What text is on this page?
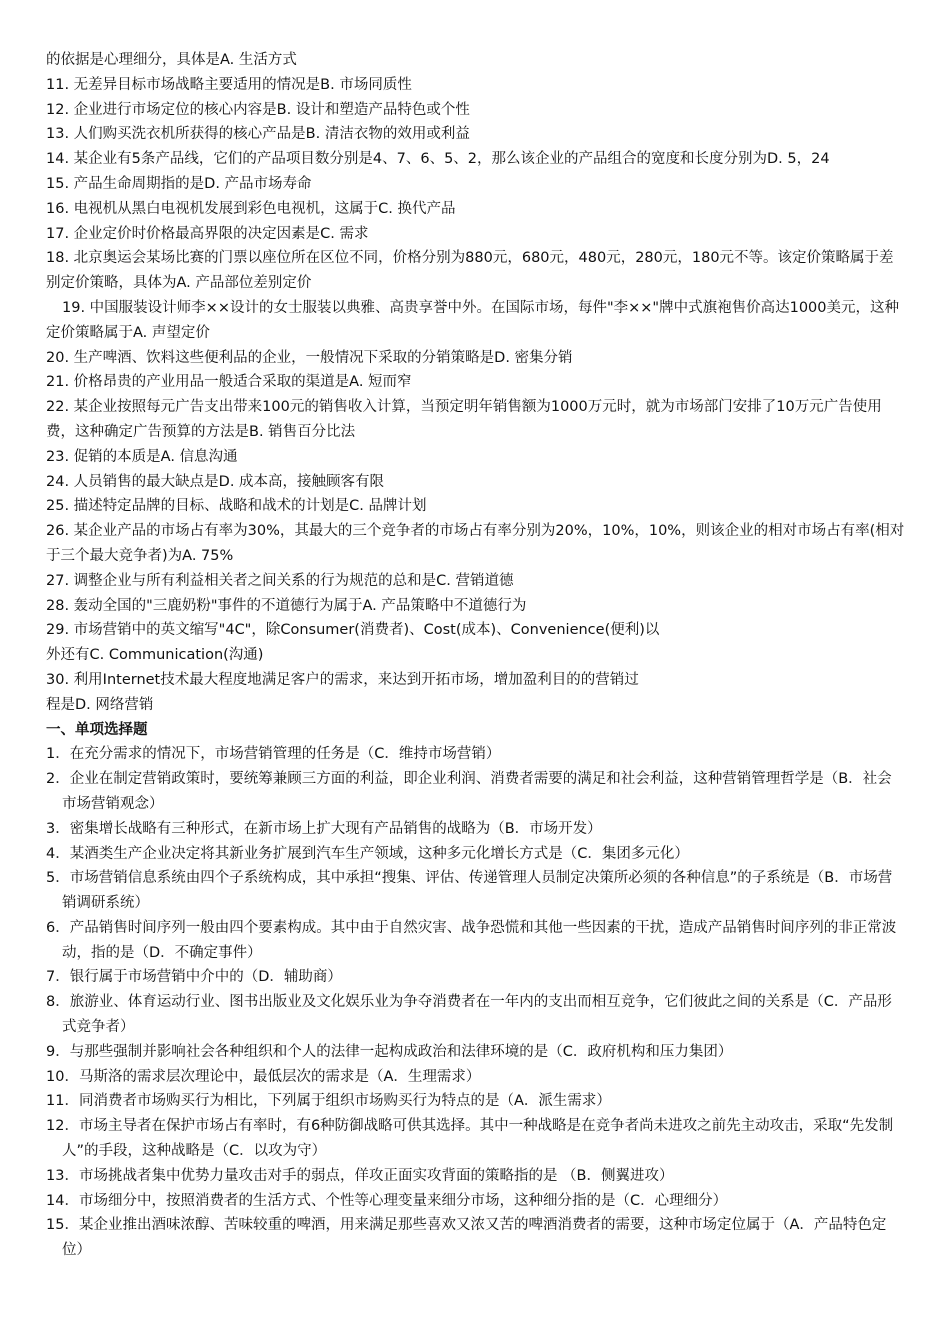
的依据是心理细分，具体是A. 生活方式
11. 无差异目标市场战略主要适用的情况是B. 市场同质性
12. 企业进行市场定位的核心内容是B. 设计和塑造产品特色或个性
13. 人们购买洗衣机所获得的核心产品是B. 清洁衣物的效用或利益
14. 某企业有5条产品线，它们的产品项目数分别是4、7、6、5、2，那么该企业的产品组合的宽度和长度分别为D. 5，24
15. 产品生命周期指的是D. 产品市场寿命
16. 电视机从黑白电视机发展到彩色电视机，这属于C. 换代产品
17. 企业定价时价格最高界限的决定因素是C. 需求
18. 北京奥运会某场比赛的门票以座位所在区位不同，价格分别为880元，680元，480元，280元，180元不等。该定价策略属于差别定价策略，具体为A. 产品部位差别定价
19. 中国服装设计师李××设计的女士服装以典雅、高贵享誉中外。在国际市场，每件"李××"牌中式旗袍售价高达1000美元，这种定价策略属于A. 声望定价
20. 生产啤酒、饮料这些便利品的企业，一般情况下采取的分销策略是D. 密集分销
21. 价格昂贵的产业用品一般适合采取的渠道是A. 短而窄
22. 某企业按照每元广告支出带来100元的销售收入计算，当预定明年销售额为1000万元时，就为市场部门安排了10万元广告使用费，这种确定广告预算的方法是B. 销售百分比法
23. 促销的本质是A. 信息沟通
24. 人员销售的最大缺点是D. 成本高，接触顾客有限
25. 描述特定品牌的目标、战略和战术的计划是C. 品牌计划
26. 某企业产品的市场占有率为30%，其最大的三个竞争者的市场占有率分别为20%，10%，10%，则该企业的相对市场占有率(相对于三个最大竞争者)为A. 75%
27. 调整企业与所有利益相关者之间关系的行为规范的总和是C. 营销道德
28. 轰动全国的"三鹿奶粉"事件的不道德行为属于A. 产品策略中不道德行为
29. 市场营销中的英文缩写"4C"，除Consumer(消费者)、Cost(成本)、Convenience(便利)以
外还有C. Communication(沟通)
30. 利用Internet技术最大程度地满足客户的需求，来达到开拓市场，增加盈利目的的营销过
程是D. 网络营销
一、单项选择题
1．在充分需求的情况下，市场营销管理的任务是（C．维持市场营销）
2．企业在制定营销政策时，要统筹兼顾三方面的利益，即企业利润、消费者需要的满足和社会利益，这种营销管理哲学是（B．社会市场营销观念）
3．密集增长战略有三种形式，在新市场上扩大现有产品销售的战略为（B．市场开发）
4．某酒类生产企业决定将其新业务扩展到汽车生产领域，这种多元化增长方式是（C．集团多元化）
5．市场营销信息系统由四个子系统构成，其中承担“搜集、评估、传递管理人员制定决策所必须的各种信息”的子系统是（B．市场营销调研系统）
6．产品销售时间序列一般由四个要素构成。其中由于自然灾害、战争恐慌和其他一些因素的干扰，造成产品销售时间序列的非正常波动，指的是（D．不确定事件）
7．银行属于市场营销中介中的（D．辅助商）
8．旅游业、体育运动行业、图书出版业及文化娱乐业为争夺消费者在一年内的支出而相互竞争，它们彼此之间的关系是（C．产品形式竞争者）
9．与那些强制并影响社会各种组织和个人的法律一起构成政治和法律环境的是（C．政府机构和压力集团）
10．马斯洛的需求层次理论中，最低层次的需求是（A．生理需求）
11．同消费者市场购买行为相比，下列属于组织市场购买行为特点的是（A．派生需求）
12．市场主导者在保护市场占有率时，有6种防御战略可供其选择。其中一种战略是在竞争者尚未进攻之前先主动攻击，采取“先发制人”的手段，这种战略是（C．以攻为守）
13．市场挑战者集中优势力量攻击对手的弱点，佯攻正面实攻背面的策略指的是 （B．侧翼进攻）
14．市场细分中，按照消费者的生活方式、个性等心理变量来细分市场，这种细分指的是（C．心理细分）
15．某企业推出酒味浓醇、苦味较重的啤酒，用来满足那些喜欢又浓又苦的啤酒消费者的需要，这种市场定位属于（A．产品特色定位）
